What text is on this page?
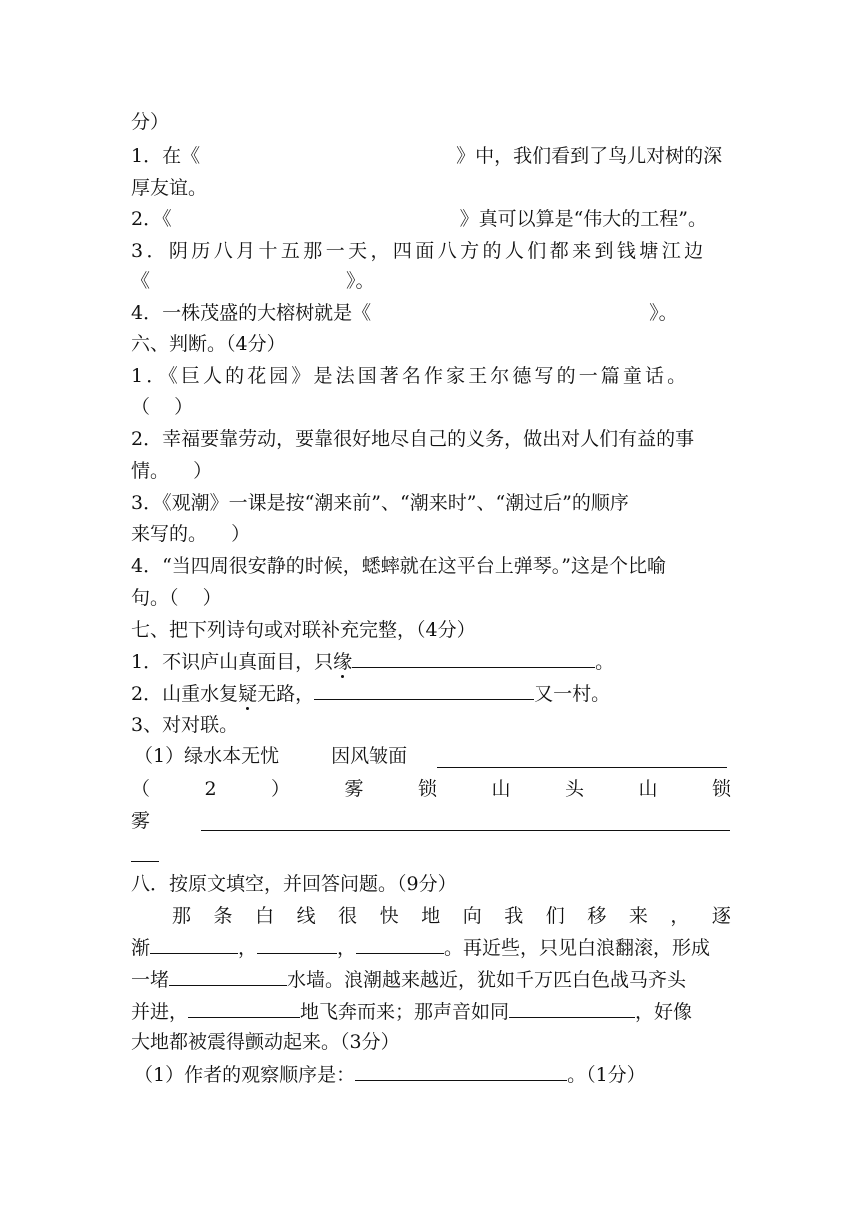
分）
1．在《	》中，我们看到了鸟儿对树的深
厚友谊。
2．《	》真可以算是“伟大的工程”。
3．阴历八月十五那一天，四面八方的人们都来到钱塘江边
《	》。
4．一株茂盛的大榕树就是《	》。
六、判断。（4分）
1．《巨人的花园》是法国著名作家王尔德写的一篇童话。
（    ）
2．幸福要靠劳动，要靠很好地尽自己的义务，做出对人们有益的事
情。    ）
3．《观潮》一课是按“潮来前”、“潮来时”、“潮过后”的顺序
来写的。    ）
4．“当四周很安静的时候，蟋蟀就在这平台上弹琴。”这是个比喻
句。（    ）
七、把下列诗句或对联补充完整，（4分）
1．不识庐山真面目，只缘	。
2．山重水复疑无路，	又一村。
3、对对联。
（1）绿水本无忧	因风皱面
（	2	）	雾	锁	山	头	山	锁
雾
八．按原文填空，并回答问题。（9分）
那 条 白 线 很 快 地 向 我 们 移 来 ， 逐
渐	，	，	。再近些，只见白浪翻滚，形成
一堵	水墙。浪潮越来越近，犹如千万匹白色战马齐头
并进，	地飞奔而来；那声音如同	，好像
大地都被震得颤动起来。（3分）
（1）作者的观察顺序是：	。（1分）
